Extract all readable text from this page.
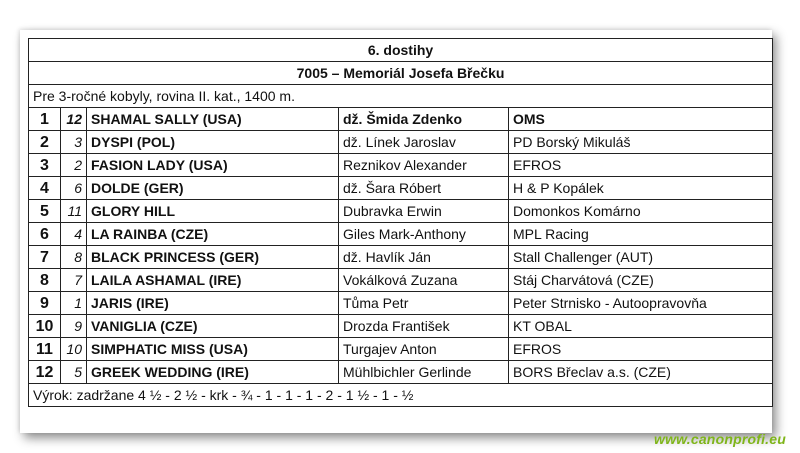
6. dostihy				
7005 – Memoriál Josefa Břečku				
Pre 3-ročné kobyly, rovina II. kat., 1400 m.				
1	12	SHAMAL SALLY (USA)	dž. Šmida Zdenko	OMS
2	3	DYSPI (POL)	dž. Línek Jaroslav	PD Borský Mikuláš
3	2	FASION LADY (USA)	Reznikov Alexander	EFROS
4	6	DOLDE (GER)	dž. Šara Róbert	H & P Kopálek
5	11	GLORY HILL	Dubravka Erwin	Domonkos Komárno
6	4	LA RAINBA (CZE)	Giles Mark-Anthony	MPL Racing
7	8	BLACK PRINCESS (GER)	dž. Havlík Ján	Stall Challenger (AUT)
8	7	LAILA ASHAMAL (IRE)	Vokálková Zuzana	Stáj Charvátová (CZE)
9	1	JARIS (IRE)	Tůma Petr	Peter Strnisko - Autoopravovňa
10	9	VANIGLIA (CZE)	Drozda František	KT OBAL
11	10	SIMPHATIC MISS (USA)	Turgajev Anton	EFROS
12	5	GREEK WEDDING (IRE)	Mühlbichler Gerlinde	BORS Břeclav a.s. (CZE)
Výrok: zadržane 4 ½ - 2 ½ - krk - ¾ - 1 - 1 - 1 - 2 - 1 ½ - 1 - ½				
www.canonprofi.eu
